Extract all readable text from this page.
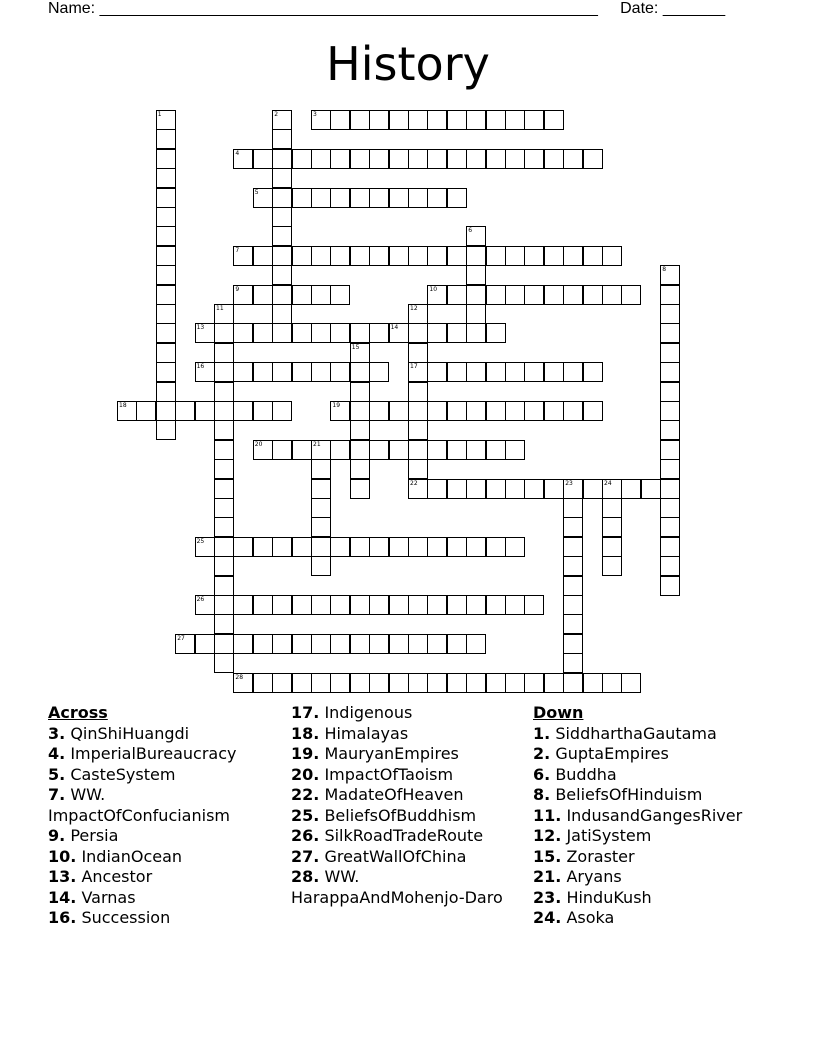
Name: ________________________________________________________ Date: _______
History
3
4
5
7
9	10
13	14
16	17
18	19
20	21
22	23	24
25
26
27
28
1	2
6
8
11	12
15
Across
3. QinShiHuangdi
4. ImperialBureaucracy
5. CasteSystem
7. WW.
ImpactOfConfucianism
9. Persia
10. IndianOcean
13. Ancestor
14. Varnas
16. Succession
17. Indigenous
18. Himalayas
19. MauryanEmpires
20. ImpactOfTaoism
22. MadateOfHeaven
25. BeliefsOfBuddhism
26. SilkRoadTradeRoute
27. GreatWallOfChina
28. WW.
HarappaAndMohenjo-Daro
Down
1. SiddharthaGautama
2. GuptaEmpires
6. Buddha
8. BeliefsOfHinduism
11. IndusandGangesRiver
12. JatiSystem
15. Zoraster
21. Aryans
23. HinduKush
24. Asoka
